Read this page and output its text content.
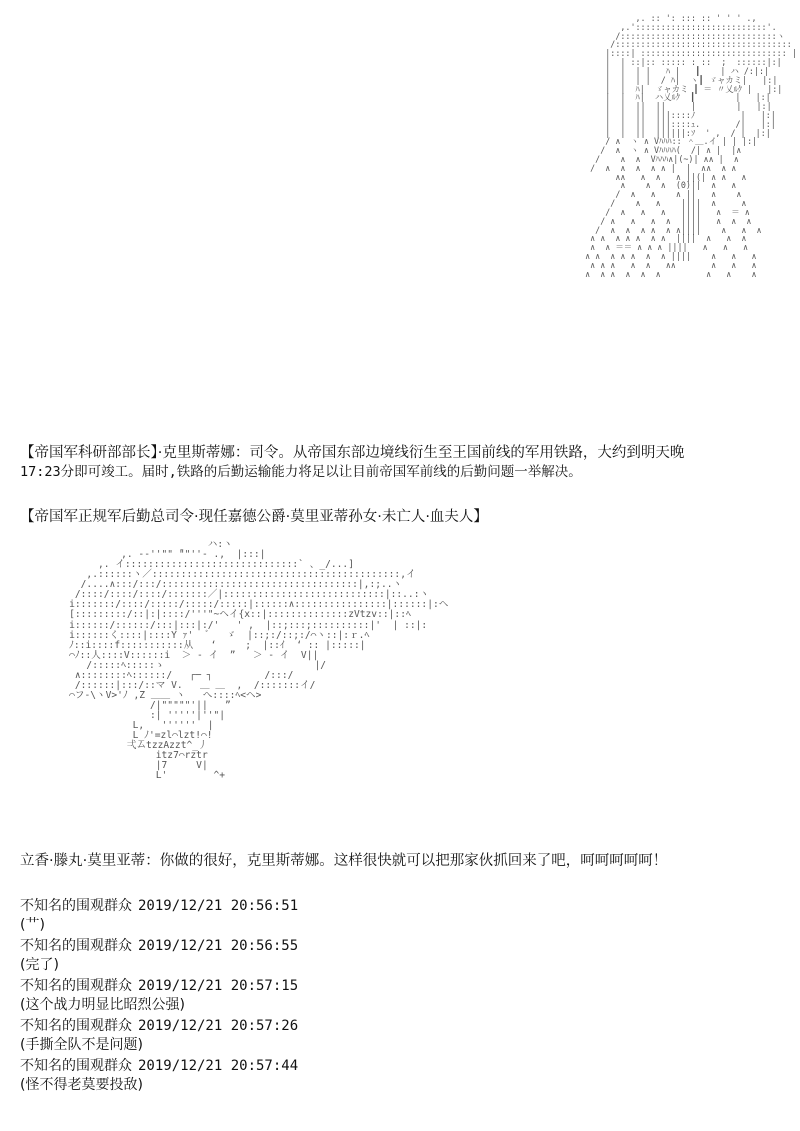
,. :: ': ::: :: ' ' ' .,
,.'::::::::::::::::::::::::::'.
/:::::::::::::::::::::::::::::::ヽ
/:::::::::::::::::::::::::::::::::::
|::::| ::::::::::::::::::::::::::::: |
|  | ::|:: ::::: : ::  ;  ::::::|:|
|  |  | |   ﾊ |   ┃    | ハ /:|:|
|  |  | |  / ﾊ|  ヽ┃ ゞャカミ|   |:|
|  |  ﾊ|  ゞャカミ ┃ ＝ 〃乂ﾙｸ |   |:|
|  |  ﾊ|  ハ乂ﾙｸ  ┃        |   |:|
|  |  ||  ||     |        |   |:|
|  |  ||  |||::::ﾉ         |   |:|
|  |  ||  |||::::ｭ.       /|   |:|
|  |  ||  ||||||:ｿ  ' ,  / |  |:|
/ ∧  ヽ ∧ Vﾊﾊﾊ:: ＾＿.イ | | |:|
/  ∧  ヽ ∧ Vﾊﾊﾊﾊ(  /| ∧ |  |∧
/    ∧  ∧  Vﾊﾊﾊ∧|(~)| ∧∧ |  ∧
/  ∧  ∧  ∧  ∧ ∧ |  |  ∧∧  ∧ ∧
∧∧   ∧  ∧   ∧ ||(| ∧ ∧   ∧
∧    ∧  ∧  (0)||  ∧   ∧
/  ∧   ∧    ∧ ||   ∧    ∧
/    ∧   ∧    ||||  ∧     ∧
/  ∧   ∧   ∧   ||||   ∧  ＝ ∧
/ ∧   ∧   ∧  ∧  ||||   ∧  ∧  ∧
/  ∧  ∧  ∧ ∧  ∧ ∧||||    ∧   ∧  ∧
∧ ∧  ∧ ∧ ∧  ∧ ∧  ||||  ∧   ∧  ∧
∧  ∧ ＝＝ ∧ ∧ ∧ ||||   ∧   ∧   ∧
∧ ∧  ∧ ∧ ∧  ∧  ∧ ||||    ∧   ∧   ∧
∧ ∧ ∧   ∧  ∧   ∧∧       ∧   ∧   ∧
∧  ∧ ∧  ∧  ∧  ∧         ∧   ∧    ∧
【帝国军科研部部长】·克里斯蒂娜：司令。从帝国东部边境线衍生至王国前线的军用铁路，大约到明天晚
17:23分即可竣工。届时,铁路的后勤运输能力将足以让目前帝国军前线的后勤问题一举解决。
【帝国军正规军后勤总司令·现任嘉德公爵·莫里亚蒂孙女·未亡人·血夫人】
ハ:ヽ
,. -‐''"" ̄""''- .,  |:::|
,. イ::::::::::::::::::::::::::::::` 、_/...]
,.::::::ヽ／:::::::::::::::::::::::::::::::::::::::::::,イ
/....∧:::/:::/::::::::::::::::::::::::::::::::::|,:;..ヽ
/::::/::::/::::/:::::::／|::::::::::::::::::::::::::::|::..:ヽ
i:::::::/::::/:::::/:::::/:::::|::::::∧::::::::::::::::|::::::|:ヘ
[:::::::::/::|:|::::/'''"~ヘイ{x::|::::::::::::::zVtzv::|::ﾍ
i::::::/::::::/:::|:::|:/'   ' ,  |::;:::;::::::::::|'  | ::|:
i::::::く::::|::::Y ｧ'  ゛  ゞ  |::;:/::;:/⌒ヽ::|:ｒ.ﾍ
ﾉ::i::::f:::::::::::从   ‘     ;  |::ｲ  ‘ :: |:::::|
⌒ﾉ::人::::V::::::i  ＞ - イ  ”   ＞ - イ  V||
/:::::ﾍ:::::ゝ                          |/
∧::::::::ﾍ::::::/   ┌─ ┐         /:::/
/::::::|:::/::マ V.   ＿ ＿  ,  /:::::::イ/
⌒フ-\ヽV>'ﾉ ,Z ＿＿ ヽ   へ::::ﾍ<ヘ>
/|"""""'||   ”
:| '''''|''"|
L,   ''''''  |
L_ﾉ'=zl⌒lzt!⌒!
弌ムtzzAzzt^_丿
itz7⌒rztr
|7     V|
L'        ^+
立香·滕丸·莫里亚蒂：你做的很好，克里斯蒂娜。这样很快就可以把那家伙抓回来了吧，呵呵呵呵呵！
不知名的围观群众 2019/12/21 20:56:51
(艹)
不知名的围观群众 2019/12/21 20:56:55
(完了)
不知名的围观群众 2019/12/21 20:57:15
(这个战力明显比昭烈公强)
不知名的围观群众 2019/12/21 20:57:26
(手撕全队不是问题)
不知名的围观群众 2019/12/21 20:57:44
(怪不得老莫要投敌)
